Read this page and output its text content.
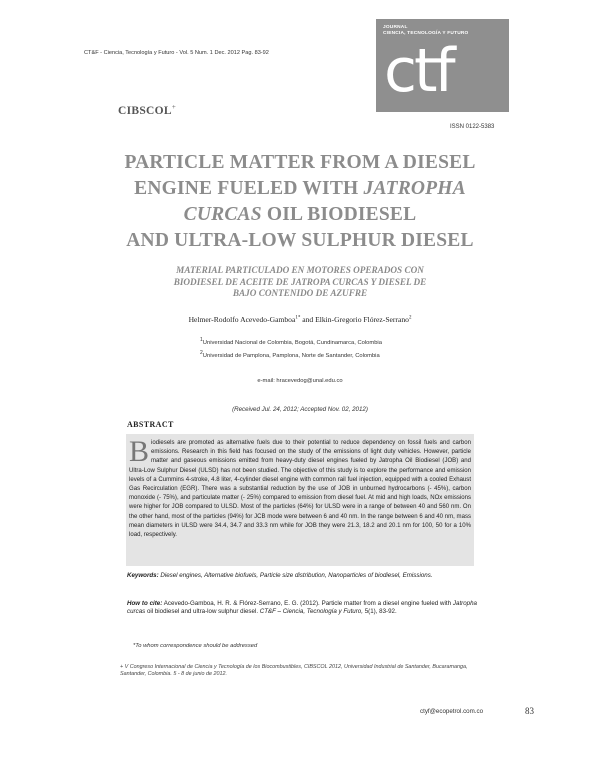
CT&F - Ciencia, Tecnología y Futuro - Vol. 5 Num. 1 Dec. 2012 Pag. 83-92
JOURNAL
CIENCIA, TECNOLOGÍA Y FUTURO
ctf
CIBSCOL+
ISSN 0122-5383
PARTICLE MATTER FROM A DIESEL
ENGINE FUELED WITH JATROPHA
CURCAS OIL BIODIESEL
AND ULTRA-LOW SULPHUR DIESEL
MATERIAL PARTICULADO EN MOTORES OPERADOS CON
BIODIESEL DE ACEITE DE JATROPA CURCAS Y DIESEL DE
BAJO CONTENIDO DE AZUFRE
Helmer-Rodolfo Acevedo-Gamboa$^{1*}$ and Elkin-Gregorio Flórez-Serrano$^2$
$^1$Universidad Nacional de Colombia, Bogotá, Cundinamarca, Colombia
$^2$Universidad de Pamplona, Pamplona, Norte de Santander, Colombia
e-mail: hracevedog@unal.edu.co
(Received Jul. 24, 2012; Accepted Nov. 02, 2012)
ABSTRACT
Biodiesels are promoted as alternative fuels due to their potential to reduce dependency on fossil fuels and carbon emissions. Research in this field has focused on the study of the emissions of light duty vehicles. However, particle matter and gaseous emissions emitted from heavy-duty diesel engines fueled by Jatropha Oil Biodiesel (JOB) and Ultra-Low Sulphur Diesel (ULSD) has not been studied. The objective of this study is to explore the performance and emission levels of a Cummins 4-stroke, 4.8 liter, 4-cylinder diesel engine with common rail fuel injection, equipped with a cooled Exhaust Gas Recirculation (EGR). There was a substantial reduction by the use of JOB in unburned hydrocarbons (- 45%), carbon monoxide (- 75%), and particulate matter (- 25%) compared to emission from diesel fuel. At mid and high loads, NOx emissions were higher for JOB compared to ULSD. Most of the particles (64%) for ULSD were in a range of between 40 and 560 nm. On the other hand, most of the particles (94%) for JCB mode were between 6 and 40 nm. In the range between 6 and 40 nm, mass mean diameters in ULSD were 34.4, 34.7 and 33.3 nm while for JOB they were 21.3, 18.2 and 20.1 nm for 100, 50 for a 10% load, respectively.
Keywords: Diesel engines, Alternative biofuels, Particle size distribution, Nanoparticles of biodiesel, Emissions.
How to cite: Acevedo-Gamboa, H. R. & Flórez-Serrano, E. G. (2012). Particle matter from a diesel engine fueled with Jatropha curcas oil biodiesel and ultra-low sulphur diesel. CT&F – Ciencia, Tecnología y Futuro, 5(1), 83-92.
*To whom correspondence should be addressed
+ V Congreso Internacional de Ciencia y Tecnología de los Biocombustibles, CIBSCOL 2012, Universidad Industrial de Santander, Bucaramanga, Santander, Colombia. 5 - 8 de junio de 2012.
ctyf@ecopetrol.com.co	83
